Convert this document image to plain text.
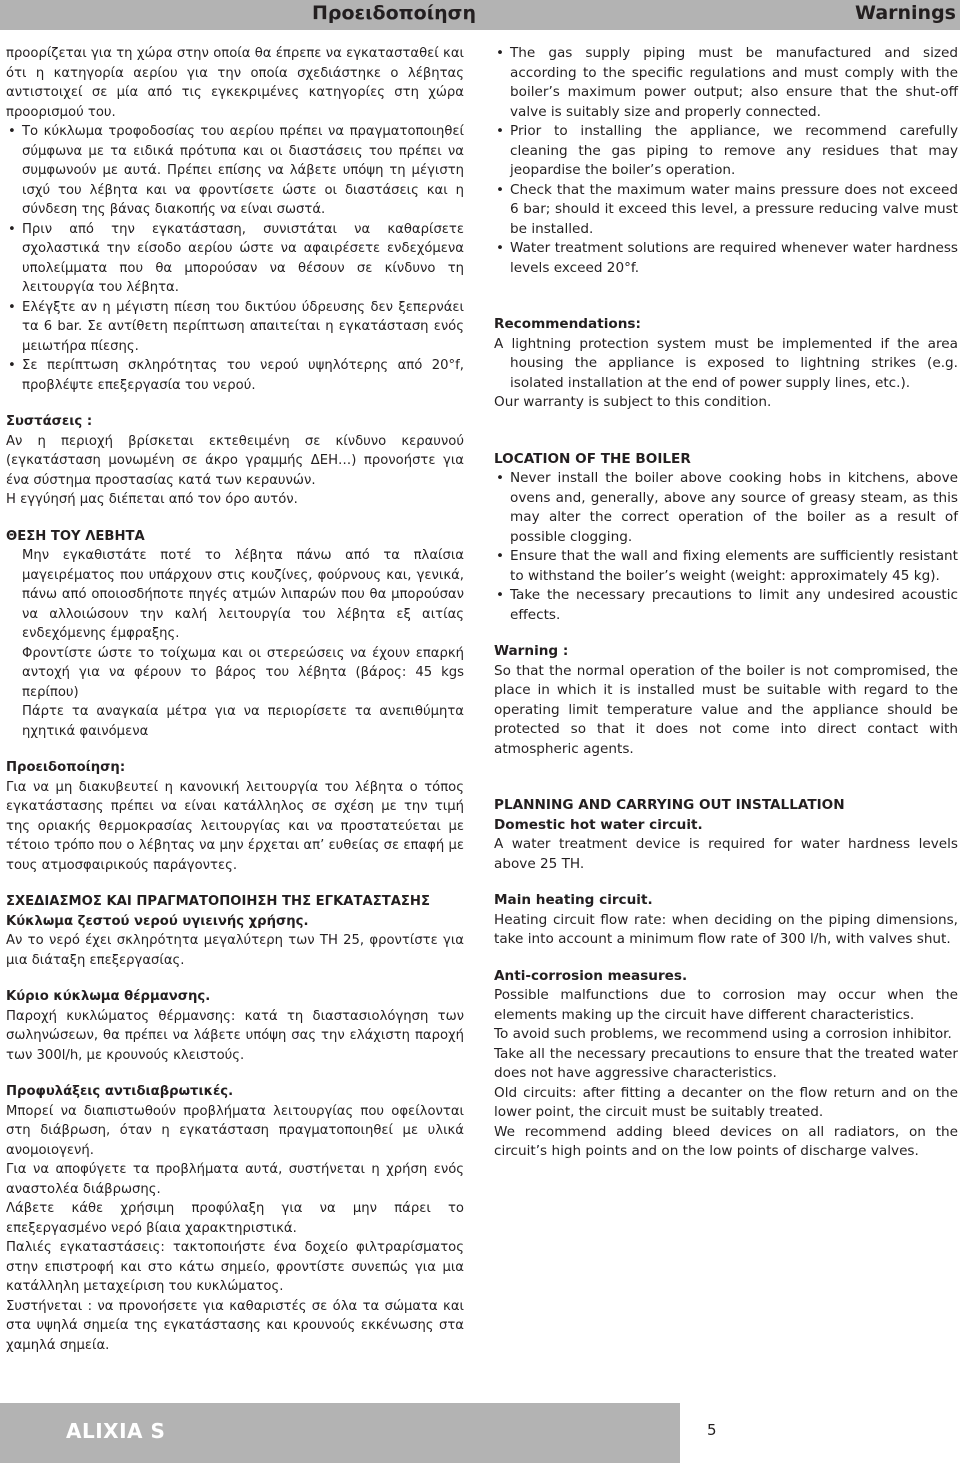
Προειδοποίηση	Warnings

προορίζεται για τη χώρα στην οποία θα έπρεπε να εγκατασταθεί και ότι η κατηγορία αερίου για την οποία σχεδιάστηκε ο λέβητας αντιστοιχεί σε μία από τις εγκεκριμένες κατηγορίες στη χώρα προορισμού του.

• Το κύκλωμα τροφοδοσίας του αερίου πρέπει να πραγματοποιηθεί σύμφωνα με τα ειδικά πρότυπα και οι διαστάσεις του πρέπει να συμφωνούν με αυτά. Πρέπει επίσης να λάβετε υπόψη τη μέγιστη ισχύ του λέβητα και να φροντίσετε ώστε οι διαστάσεις και η σύνδεση της βάνας διακοπής να είναι σωστά.
• Πριν από την εγκατάσταση, συνιστάται να καθαρίσετε σχολαστικά την είσοδο αερίου ώστε να αφαιρέσετε ενδεχόμενα υπολείμματα που θα μπορούσαν να θέσουν σε κίνδυνο τη λειτουργία του λέβητα.
• Ελέγξτε αν η μέγιστη πίεση του δικτύου ύδρευσης δεν ξεπερνάει τα 6 bar. Σε αντίθετη περίπτωση απαιτείται η εγκατάσταση ενός μειωτήρα πίεσης.
• Σε περίπτωση σκληρότητας του νερού υψηλότερης από 20°f, προβλέψτε επεξεργασία του νερού.
Συστάσεις :

Αν η περιοχή βρίσκεται εκτεθειμένη σε κίνδυνο κεραυνού (εγκατάσταση μονωμένη σε άκρο γραμμής ΔΕΗ…) προνοήστε για ένα σύστημα προστασίας κατά των κεραυνών.

Η εγγύησή μας διέπεται από τον όρο αυτόν.

ΘΕΣΗ ΤΟΥ ΛΕΒΗΤΑ

Μην εγκαθιστάτε ποτέ το λέβητα πάνω από τα πλαίσια μαγειρέματος που υπάρχουν στις κουζίνες, φούρνους και, γενικά, πάνω από οποιοσδήποτε πηγές ατμών λιπαρών που θα μπορούσαν να αλλοιώσουν την καλή λειτουργία του λέβητα εξ αιτίας ενδεχόμενης έμφραξης.

Φροντίστε ώστε το τοίχωμα και οι στερεώσεις να έχουν επαρκή αντοχή για να φέρουν το βάρος του λέβητα (βάρος: 45 kgs περίπου)

Πάρτε τα αναγκαία μέτρα για να περιορίσετε τα ανεπιθύμητα ηχητικά φαινόμενα

Προειδοποίηση:

Για να μη διακυβευτεί η κανονική λειτουργία του λέβητα ο τόπος εγκατάστασης πρέπει να είναι κατάλληλος σε σχέση με την τιμή της οριακής θερμοκρασίας λειτουργίας και να προστατεύεται με τέτοιο τρόπο που ο λέβητας να μην έρχεται απ’ ευθείας σε επαφή με τους ατμοσφαιρικούς παράγοντες.

ΣΧΕΔΙΑΣΜΟΣ ΚΑΙ ΠΡΑΓΜΑΤΟΠΟΙΗΣΗ ΤΗΣ ΕΓΚΑΤΑΣΤΑΣΗΣ
Κύκλωμα ζεστού νερού υγιεινής χρήσης.

Αν το νερό έχει σκληρότητα μεγαλύτερη των ΤΗ 25, φροντίστε για μια διάταξη επεξεργασίας.

Κύριο κύκλωμα θέρμανσης.

Παροχή κυκλώματος θέρμανσης: κατά τη διαστασιολόγηση των σωληνώσεων, θα πρέπει να λάβετε υπόψη σας την ελάχιστη παροχή των 300l/h, με κρουνούς κλειστούς.

Προφυλάξεις αντιδιαβρωτικές.

Μπορεί να διαπιστωθούν προβλήματα λειτουργίας που οφείλονται στη διάβρωση, όταν η εγκατάσταση πραγματοποιηθεί με υλικά ανομοιογενή.

Για να αποφύγετε τα προβλήματα αυτά, συστήνεται η χρήση ενός αναστολέα διάβρωσης.

Λάβετε κάθε χρήσιμη προφύλαξη για να μην πάρει το επεξεργασμένο νερό βίαια χαρακτηριστικά.

Παλιές εγκαταστάσεις: τακτοποιήστε ένα δοχείο φιλτραρίσματος στην επιστροφή και στο κάτω σημείο, φροντίστε συνεπώς για μια κατάλληλη μεταχείριση του κυκλώματος.

Συστήνεται : να προνοήσετε για καθαριστές σε όλα τα σώματα και στα υψηλά σημεία της εγκατάστασης και κρουνούς εκκένωσης στα χαμηλά σημεία.

• The gas supply piping must be manufactured and sized according to the specific regulations and must comply with the boiler’s maximum power output; also ensure that the shut-off valve is suitably size and properly connected.
• Prior to installing the appliance, we recommend carefully cleaning the gas piping to remove any residues that may jeopardise the boiler’s operation.
• Check that the maximum water mains pressure does not exceed 6 bar; should it exceed this level, a pressure reducing valve must be installed.
• Water treatment solutions are required whenever water hardness levels exceed 20°f.
Recommendations:

A lightning protection system must be implemented if the area housing the appliance is exposed to lightning strikes (e.g. isolated installation at the end of power supply lines, etc.).

Our warranty is subject to this condition.

LOCATION OF THE BOILER
• Never install the boiler above cooking hobs in kitchens, above ovens and, generally, above any source of greasy steam, as this may alter the correct operation of the boiler as a result of possible clogging.
• Ensure that the wall and fixing elements are sufficiently resistant to withstand the boiler’s weight (weight: approximately 45 kg).
• Take the necessary precautions to limit any undesired acoustic effects.
Warning :

So that the normal operation of the boiler is not compromised, the place in which it is installed must be suitable with regard to the operating limit temperature value and the appliance should be protected so that it does not come into direct contact with atmospheric agents.

PLANNING AND CARRYING OUT INSTALLATION
Domestic hot water circuit.

A water treatment device is required for water hardness levels above 25 TH.

Main heating circuit.

Heating circuit flow rate: when deciding on the piping dimensions, take into account a minimum flow rate of 300 l/h, with valves shut.

Anti-corrosion measures.

Possible malfunctions due to corrosion may occur when the elements making up the circuit have different characteristics.

To avoid such problems, we recommend using a corrosion inhibitor.

Take all the necessary precautions to ensure that the treated water does not have aggressive characteristics.

Old circuits: after fitting a decanter on the flow return and on the lower point, the circuit must be suitably treated.

We recommend adding bleed devices on all radiators, on the circuit’s high points and on the low points of discharge valves.

ALIXIA S	5
